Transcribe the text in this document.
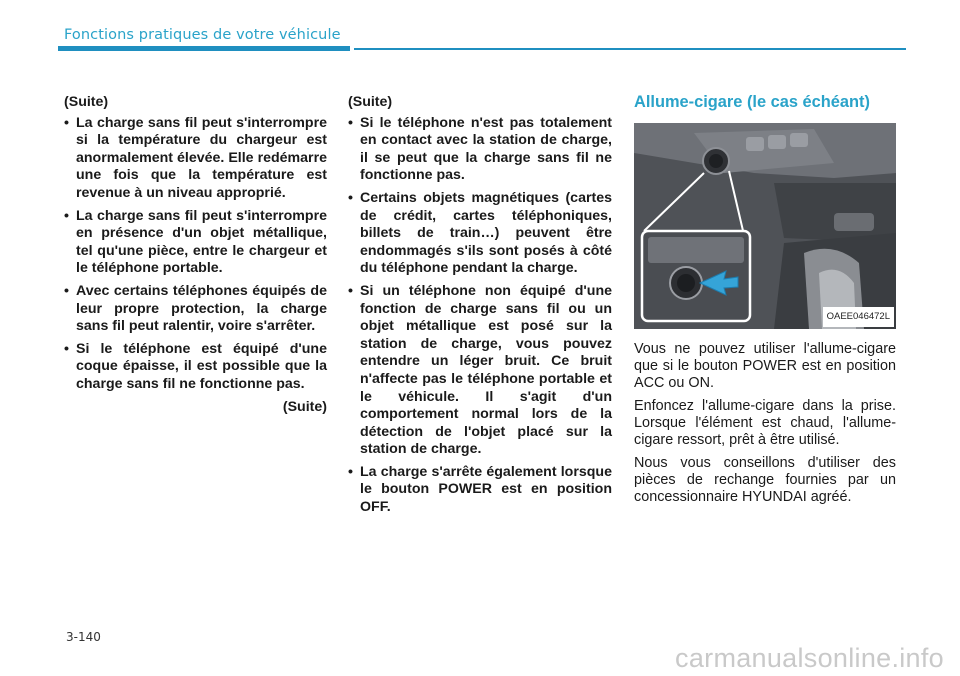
Fonctions pratiques de votre véhicule
(Suite)
• La charge sans fil peut s'interrompre si la température du chargeur est anormalement élevée. Elle redémarre une fois que la température est revenue à un niveau approprié.
• La charge sans fil peut s'interrompre en présence d'un objet métallique, tel qu'une pièce, entre le chargeur et le téléphone portable.
• Avec certains téléphones équipés de leur propre protection, la charge sans fil peut ralentir, voire s'arrêter.
• Si le téléphone est équipé d'une coque épaisse, il est possible que la charge sans fil ne fonctionne pas.
(Suite)
(Suite)
• Si le téléphone n'est pas totalement en contact avec la station de charge, il se peut que la charge sans fil ne fonctionne pas.
• Certains objets magnétiques (cartes de crédit, cartes téléphoniques, billets de train…) peuvent être endommagés s'ils sont posés à côté du téléphone pendant la charge.
• Si un téléphone non équipé d'une fonction de charge sans fil ou un objet métallique est posé sur la station de charge, vous pouvez entendre un léger bruit. Ce bruit n'affecte pas le téléphone portable et le véhicule. Il s'agit d'un comportement normal lors de la détection de l'objet placé sur la station de charge.
• La charge s'arrête également lorsque le bouton POWER est en position OFF.
Allume-cigare (le cas échéant)
OAEE046472L

Vous ne pouvez utiliser l'allume-cigare que si le bouton POWER est en position ACC ou ON.

Enfoncez l'allume-cigare dans la prise. Lorsque l'élément est chaud, l'allume-cigare ressort, prêt à être utilisé.

Nous vous conseillons d'utiliser des pièces de rechange fournies par un concessionnaire HYUNDAI agréé.

3-140
carmanualsonline.info
